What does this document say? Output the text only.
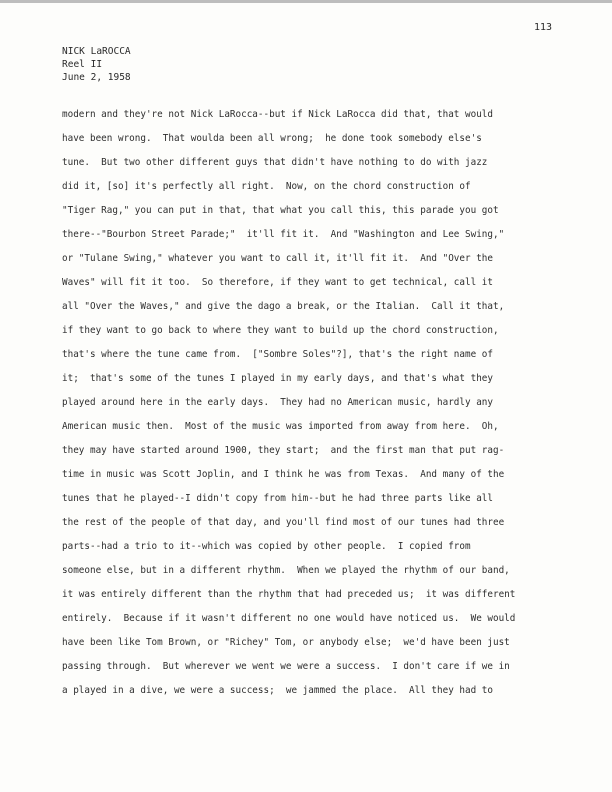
113
NICK LaROCCA
Reel II
June 2, 1958
modern and they're not Nick LaRocca--but if Nick LaRocca did that, that would
have been wrong.  That woulda been all wrong;  he done took somebody else's
tune.  But two other different guys that didn't have nothing to do with jazz
did it, [so] it's perfectly all right.  Now, on the chord construction of
"Tiger Rag," you can put in that, that what you call this, this parade you got
there--"Bourbon Street Parade;"  it'll fit it.  And "Washington and Lee Swing,"
or "Tulane Swing," whatever you want to call it, it'll fit it.  And "Over the
Waves" will fit it too.  So therefore, if they want to get technical, call it
all "Over the Waves," and give the dago a break, or the Italian.  Call it that,
if they want to go back to where they want to build up the chord construction,
that's where the tune came from.  ["Sombre Soles"?], that's the right name of
it;  that's some of the tunes I played in my early days, and that's what they
played around here in the early days.  They had no American music, hardly any
American music then.  Most of the music was imported from away from here.  Oh,
they may have started around 1900, they start;  and the first man that put rag-
time in music was Scott Joplin, and I think he was from Texas.  And many of the
tunes that he played--I didn't copy from him--but he had three parts like all
the rest of the people of that day, and you'll find most of our tunes had three
parts--had a trio to it--which was copied by other people.  I copied from
someone else, but in a different rhythm.  When we played the rhythm of our band,
it was entirely different than the rhythm that had preceded us;  it was different
entirely.  Because if it wasn't different no one would have noticed us.  We would
have been like Tom Brown, or "Richey" Tom, or anybody else;  we'd have been just
passing through.  But wherever we went we were a success.  I don't care if we in
a played in a dive, we were a success;  we jammed the place.  All they had to
